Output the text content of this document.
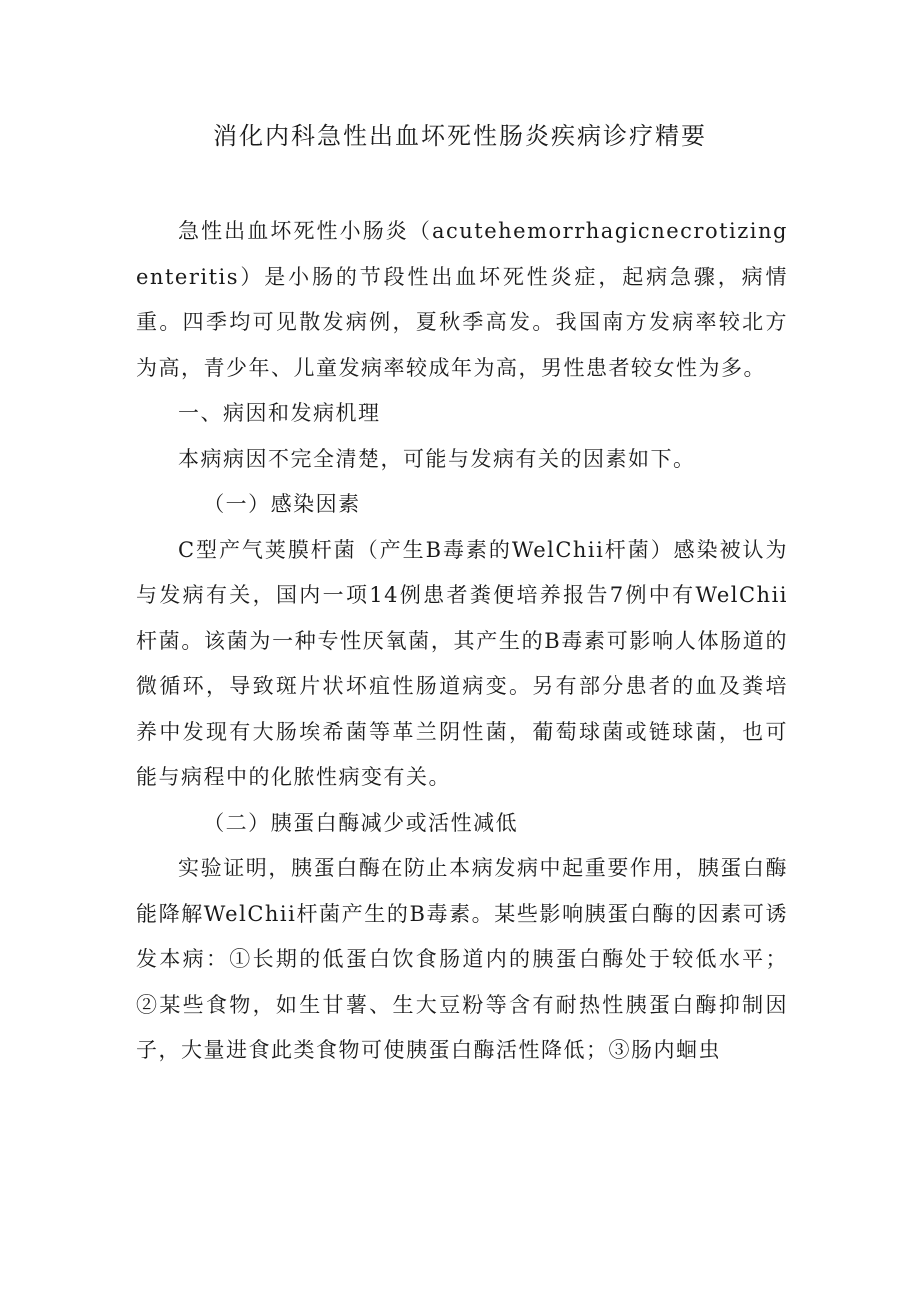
消化内科急性出血坏死性肠炎疾病诊疗精要

急性出血坏死性小肠炎（acutehemorrhagicnecrotizingenteritis）是小肠的节段性出血坏死性炎症，起病急骤，病情重。四季均可见散发病例，夏秋季高发。我国南方发病率较北方为高，青少年、儿童发病率较成年为高，男性患者较女性为多。

一、病因和发病机理

本病病因不完全清楚，可能与发病有关的因素如下。

（一）感染因素

C型产气荚膜杆菌（产生B毒素的WelChii杆菌）感染被认为与发病有关，国内一项14例患者粪便培养报告7例中有WelChii杆菌。该菌为一种专性厌氧菌，其产生的B毒素可影响人体肠道的微循环，导致斑片状坏疽性肠道病变。另有部分患者的血及粪培养中发现有大肠埃希菌等革兰阴性菌，葡萄球菌或链球菌，也可能与病程中的化脓性病变有关。

（二）胰蛋白酶减少或活性减低

实验证明，胰蛋白酶在防止本病发病中起重要作用，胰蛋白酶能降解WelChii杆菌产生的B毒素。某些影响胰蛋白酶的因素可诱发本病：①长期的低蛋白饮食肠道内的胰蛋白酶处于较低水平；②某些食物，如生甘薯、生大豆粉等含有耐热性胰蛋白酶抑制因子，大量进食此类食物可使胰蛋白酶活性降低；③肠内蛔虫
